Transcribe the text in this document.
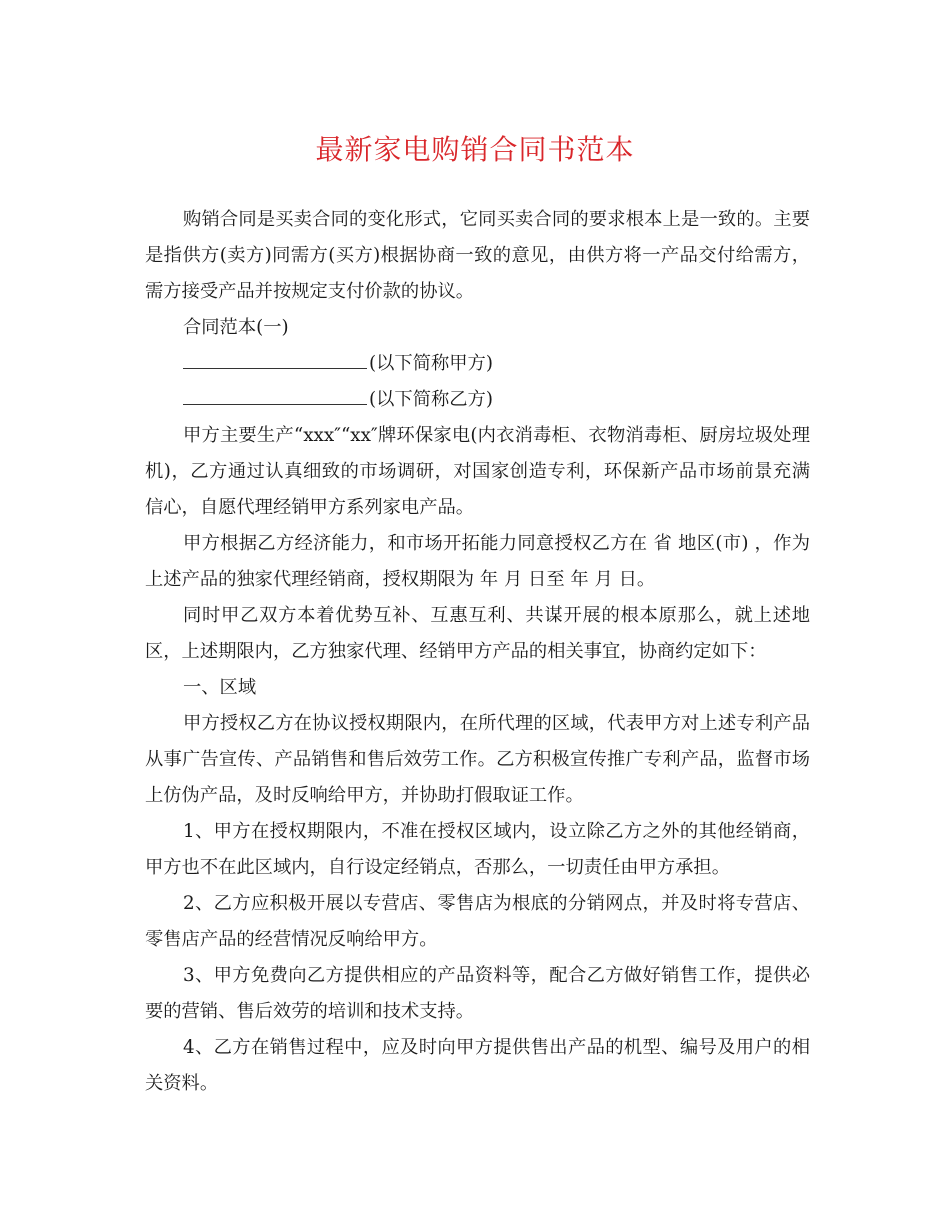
最新家电购销合同书范本

购销合同是买卖合同的变化形式，它同买卖合同的要求根本上是一致的。主要是指供方(卖方)同需方(买方)根据协商一致的意见，由供方将一产品交付给需方，需方接受产品并按规定支付价款的协议。

合同范本(一)

(以下简称甲方)

(以下简称乙方)

甲方主要生产“xxx″“xx″牌环保家电(内衣消毒柜、衣物消毒柜、厨房垃圾处理机)，乙方通过认真细致的市场调研，对国家创造专利，环保新产品市场前景充满信心，自愿代理经销甲方系列家电产品。

甲方根据乙方经济能力，和市场开拓能力同意授权乙方在 省 地区(市) ，作为上述产品的独家代理经销商，授权期限为 年 月 日至 年 月 日。

同时甲乙双方本着优势互补、互惠互利、共谋开展的根本原那么，就上述地区，上述期限内，乙方独家代理、经销甲方产品的相关事宜，协商约定如下：

一、区域

甲方授权乙方在协议授权期限内，在所代理的区域，代表甲方对上述专利产品从事广告宣传、产品销售和售后效劳工作。乙方积极宣传推广专利产品，监督市场上仿伪产品，及时反响给甲方，并协助打假取证工作。

1、甲方在授权期限内，不准在授权区域内，设立除乙方之外的其他经销商，甲方也不在此区域内，自行设定经销点，否那么，一切责任由甲方承担。

2、乙方应积极开展以专营店、零售店为根底的分销网点，并及时将专营店、零售店产品的经营情况反响给甲方。

3、甲方免费向乙方提供相应的产品资料等，配合乙方做好销售工作，提供必要的营销、售后效劳的培训和技术支持。

4、乙方在销售过程中，应及时向甲方提供售出产品的机型、编号及用户的相关资料。
